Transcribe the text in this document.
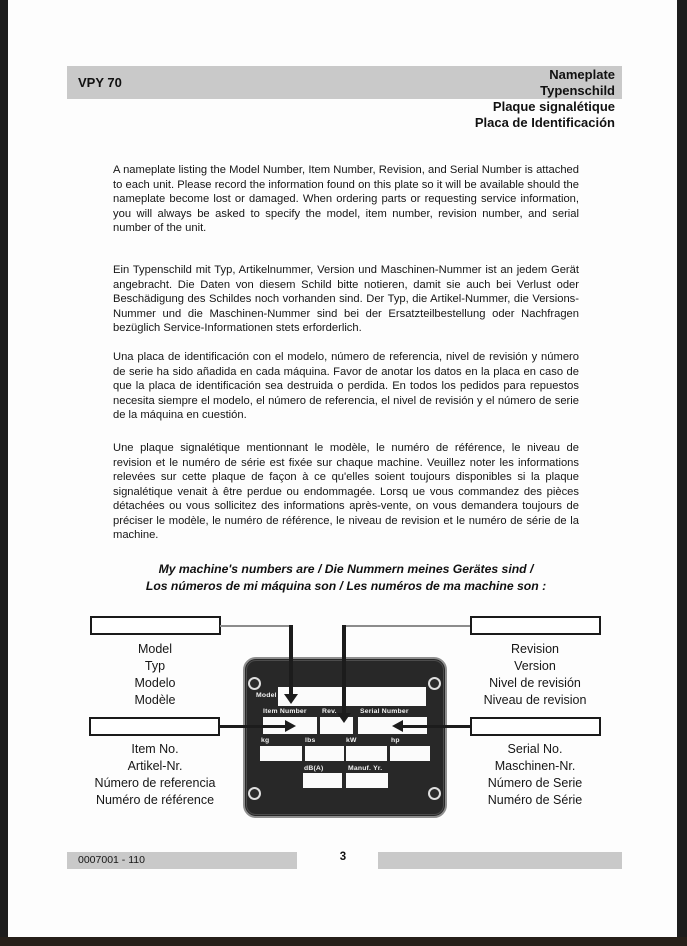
VPY 70
Nameplate
Typenschild
Plaque signalétique
Placa de Identificación
A nameplate listing the Model Number, Item Number, Revision, and Serial Number is attached to each unit. Please record the information found on this plate so it will be available should the nameplate become lost or damaged. When ordering parts or requesting service information, you will always be asked to specify the model, item number, revision number, and serial number of the unit.
Ein Typenschild mit Typ, Artikelnummer, Version und Maschinen-Nummer ist an jedem Gerät angebracht. Die Daten von diesem Schild bitte notieren, damit sie auch bei Verlust oder Beschädigung des Schildes noch vorhanden sind. Der Typ, die Artikel-Nummer, die Versions- Nummer und die Maschinen-Nummer sind bei der Ersatzteilbestellung oder Nachfragen bezüglich Service-Informationen stets erforderlich.
Una placa de identificación con el modelo, número de referencia, nivel de revisión y número de serie ha sido añadida en cada máquina. Favor de anotar los datos en la placa en caso de que la placa de identificación sea destruida o perdida. En todos los pedidos para repuestos necesita siempre el modelo, el número de referencia, el nivel de revisión y el número de serie de la máquina en cuestión.
Une plaque signalétique mentionnant le modèle, le numéro de référence, le niveau de revision et le numéro de série est fixée sur chaque machine. Veuillez noter les informations relevées sur cette plaque de façon à ce qu'elles soient toujours disponibles si la plaque signalétique venait à être perdue ou endommagée. Lorsq ue vous commandez des pièces détachées ou vous sollicitez des informations après-vente, on vous demandera toujours de préciser le modèle, le numéro de référence, le niveau de revision et le numéro de série de la machine.
My machine's numbers are / Die Nummern meines Gerätes sind /
Los números de mi máquina son / Les numéros de ma machine son :
Model
Typ
Modelo
Modèle
Revision
Version
Nivel de revisión
Niveau de revision
Item No.
Artikel-Nr.
Número de referencia
Numéro de référence
Serial No.
Maschinen-Nr.
Número de Serie
Numéro de Série
Model
Item Number Rev.	Serial Number
kg	lbs	kW	hp
dB(A)	Manuf. Yr.
0007001 - 110	3
